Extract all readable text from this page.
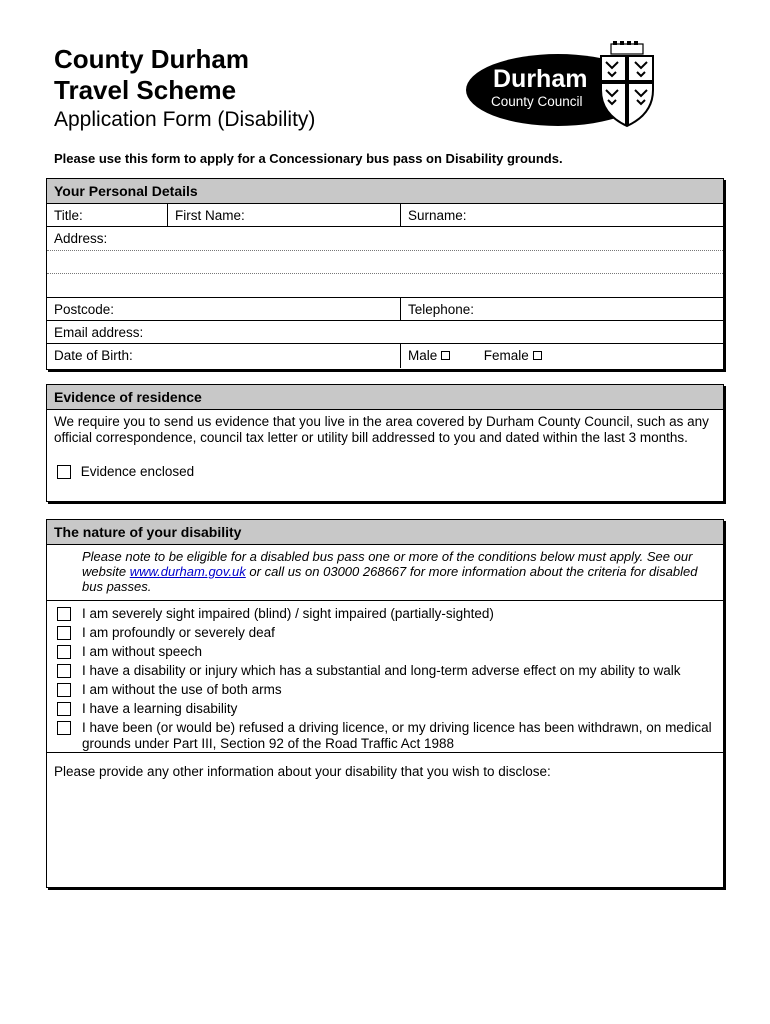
County Durham
Travel Scheme
Application Form (Disability)
Durham
County Council
Please use this form to apply for a Concessionary bus pass on Disability grounds.
Your Personal Details
Title:	First Name:	Surname:
Address:
Postcode:	Telephone:
Email address:
Date of Birth:	Male	Female
Evidence of residence
We require you to send us evidence that you live in the area covered by Durham County Council, such as any official correspondence, council tax letter or utility bill addressed to you and dated within the last 3 months.
Evidence enclosed
The nature of your disability
Please note to be eligible for a disabled bus pass one or more of the conditions below must apply. See our website www.durham.gov.uk or call us on 03000 268667 for more information about the criteria for disabled bus passes.
I am severely sight impaired (blind) / sight impaired (partially-sighted)
I am profoundly or severely deaf
I am without speech
I have a disability or injury which has a substantial and long-term adverse effect on my ability to walk
I am without the use of both arms
I have a learning disability
I have been (or would be) refused a driving licence, or my driving licence has been withdrawn, on medical grounds under Part III, Section 92 of the Road Traffic Act 1988
Please provide any other information about your disability that you wish to disclose:
